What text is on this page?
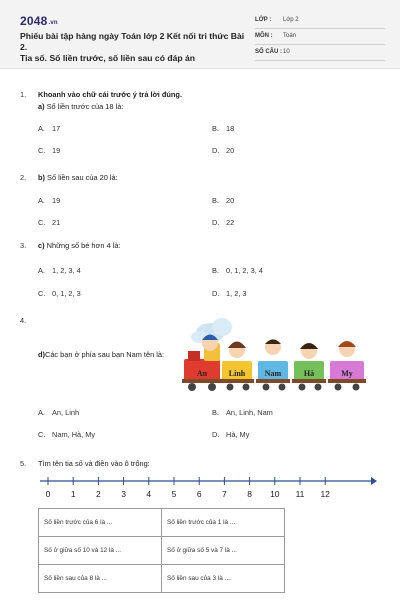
2048.vn
Phiếu bài tập hàng ngày Toán lớp 2 Kết nối tri thức Bài 2.
Tia số. Số liền trước, số liền sau có đáp án
LỚP : Lớp 2
MÔN : Toán
SỐ CÂU : 10
1. Khoanh vào chữ cái trước ý trả lời đúng.
a) Số liền trước của 18 là:
A. 17	B. 18
C. 19	D. 20
2. b) Số liền sau của 20 là:
A. 19	B. 20
C. 21	D. 22
3. c) Những số bé hơn 4 là:
A. 1, 2, 3, 4	B. 0, 1, 2, 3, 4
C. 0, 1, 2, 3	D. 1, 2, 3
4.
d)Các bạn ở phía sau bạn Nam tên là:
An	Linh Nam	Hà	My
A. An, Linh	B. An, Linh, Nam
C. Nam, Hà, My	D. Hà, My
5. Tìm tên tia số và điền vào ô trống:
0 1 2 3 4 5 6 7 8 10 11 12
Số liền trước của 6 là ...	Số liền trước của 1 là ...
Số ở giữa số 10 và 12 là ...	Số ở giữa số 5 và 7 là ...
Số liền sau của 8 là ...	Số liền sau của 3 là ....
